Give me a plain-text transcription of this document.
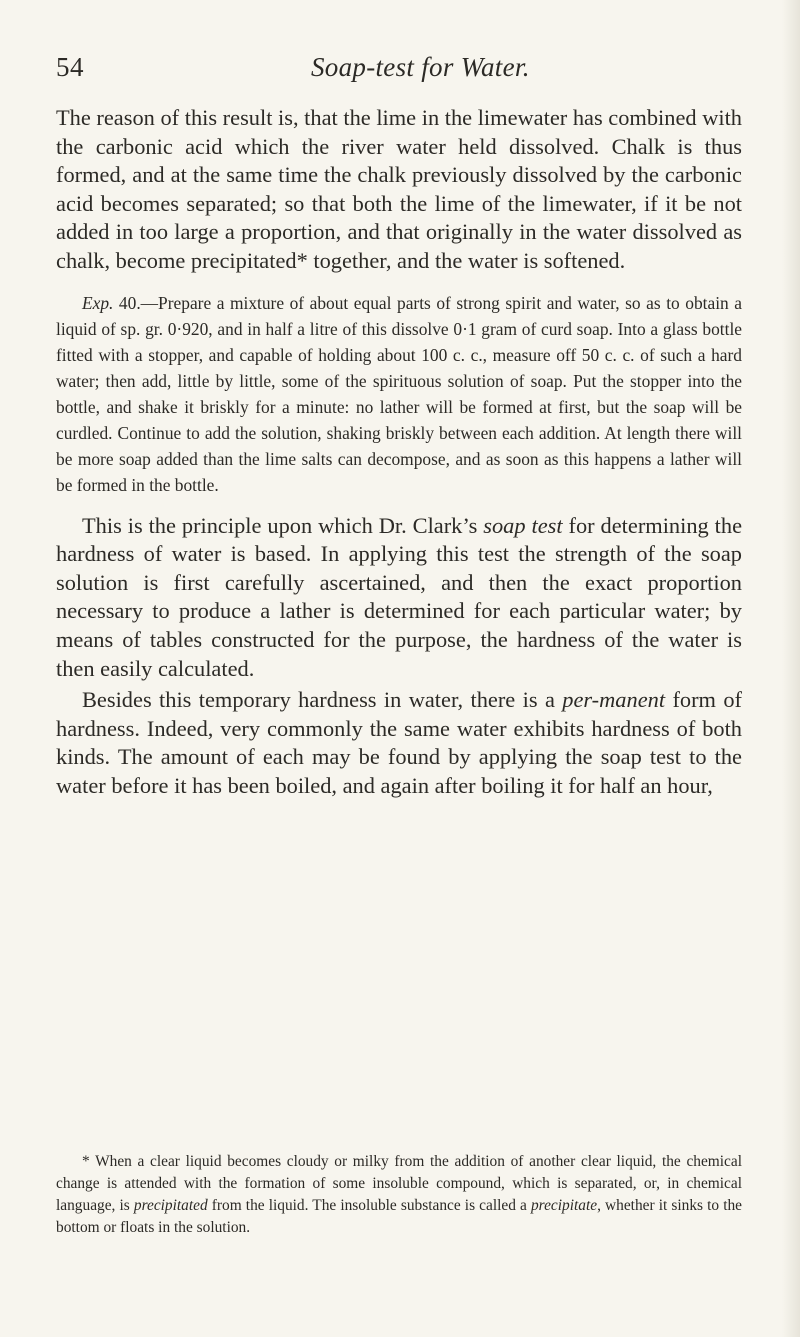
54	Soap-test for Water.

The reason of this result is, that the lime in the limewater has combined with the carbonic acid which the river water held dissolved. Chalk is thus formed, and at the same time the chalk previously dissolved by the carbonic acid becomes separated; so that both the lime of the limewater, if it be not added in too large a proportion, and that originally in the water dissolved as chalk, become precipitated* together, and the water is softened.

Exp. 40.—Prepare a mixture of about equal parts of strong spirit and water, so as to obtain a liquid of sp. gr. 0·920, and in half a litre of this dissolve 0·1 gram of curd soap. Into a glass bottle fitted with a stopper, and capable of holding about 100 c. c., measure off 50 c. c. of such a hard water; then add, little by little, some of the spirituous solution of soap. Put the stopper into the bottle, and shake it briskly for a minute: no lather will be formed at first, but the soap will be curdled. Continue to add the solution, shaking briskly between each addition. At length there will be more soap added than the lime salts can decompose, and as soon as this happens a lather will be formed in the bottle.

This is the principle upon which Dr. Clark’s soap test for determining the hardness of water is based. In applying this test the strength of the soap solution is first carefully ascertained, and then the exact proportion necessary to produce a lather is determined for each particular water; by means of tables constructed for the purpose, the hardness of the water is then easily calculated.

Besides this temporary hardness in water, there is a per-manent form of hardness. Indeed, very commonly the same water exhibits hardness of both kinds. The amount of each may be found by applying the soap test to the water before it has been boiled, and again after boiling it for half an hour,

* When a clear liquid becomes cloudy or milky from the addition of another clear liquid, the chemical change is attended with the formation of some insoluble compound, which is separated, or, in chemical language, is precipitated from the liquid. The insoluble substance is called a precipitate, whether it sinks to the bottom or floats in the solution.
